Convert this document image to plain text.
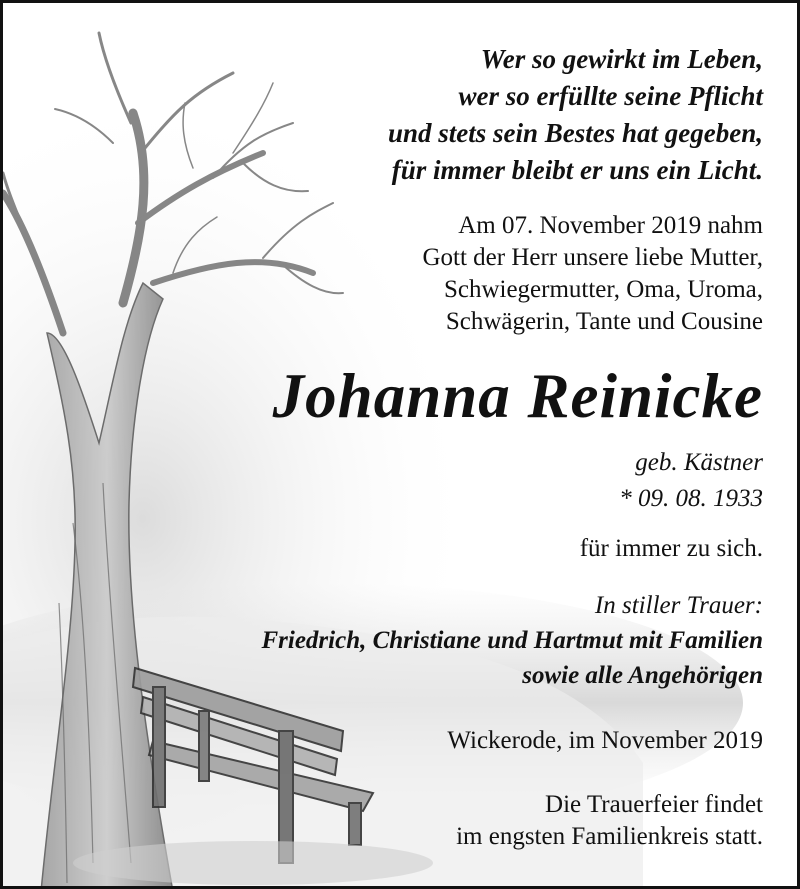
Wer so gewirkt im Leben,
wer so erfüllte seine Pflicht
und stets sein Bestes hat gegeben,
für immer bleibt er uns ein Licht.
Am 07. November 2019 nahm
Gott der Herr unsere liebe Mutter,
Schwiegermutter, Oma, Uroma,
Schwägerin, Tante und Cousine
Johanna Reinicke
geb. Kästner
* 09. 08. 1933
für immer zu sich.
In stiller Trauer:
Friedrich, Christiane und Hartmut mit Familien
sowie alle Angehörigen
Wickerode, im November 2019
Die Trauerfeier findet
im engsten Familienkreis statt.
